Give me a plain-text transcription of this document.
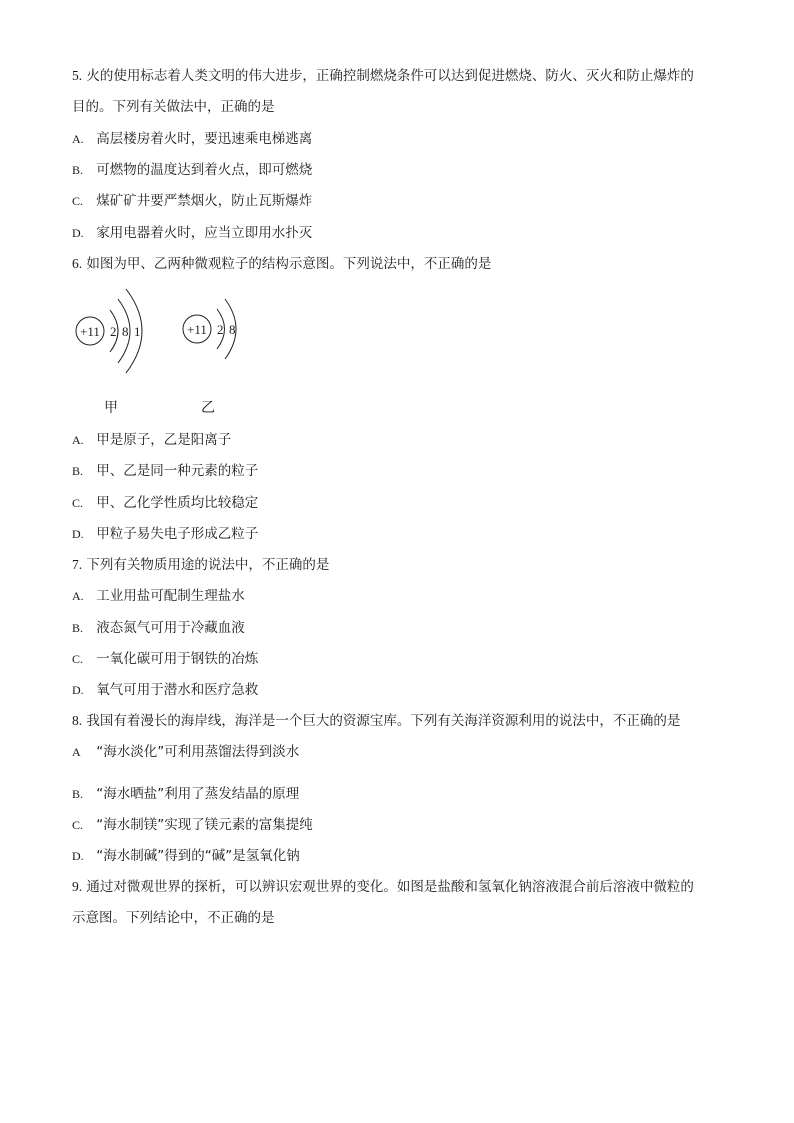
5. 火的使用标志着人类文明的伟大进步，正确控制燃烧条件可以达到促进燃烧、防火、灭火和防止爆炸的
目的。下列有关做法中，正确的是
A. 高层楼房着火时，要迅速乘电梯逃离
B. 可燃物的温度达到着火点，即可燃烧
C. 煤矿矿井要严禁烟火，防止瓦斯爆炸
D. 家用电器着火时，应当立即用水扑灭
6. 如图为甲、乙两种微观粒子的结构示意图。下列说法中，不正确的是
+11 2 8 1	+11 2 8
甲	乙
A. 甲是原子，乙是阳离子
B. 甲、乙是同一种元素的粒子
C. 甲、乙化学性质均比较稳定
D. 甲粒子易失电子形成乙粒子
7. 下列有关物质用途的说法中，不正确的是
A. 工业用盐可配制生理盐水
B. 液态氮气可用于冷藏血液
C. 一氧化碳可用于钢铁的冶炼
D. 氧气可用于潜水和医疗急救
8. 我国有着漫长的海岸线，海洋是一个巨大的资源宝库。下列有关海洋资源利用的说法中，不正确的是
A “海水淡化”可利用蒸馏法得到淡水
B. “海水晒盐”利用了蒸发结晶的原理
C. “海水制镁”实现了镁元素的富集提纯
D. “海水制碱”得到的“碱”是氢氧化钠
9. 通过对微观世界的探析，可以辨识宏观世界的变化。如图是盐酸和氢氧化钠溶液混合前后溶液中微粒的
示意图。下列结论中，不正确的是
